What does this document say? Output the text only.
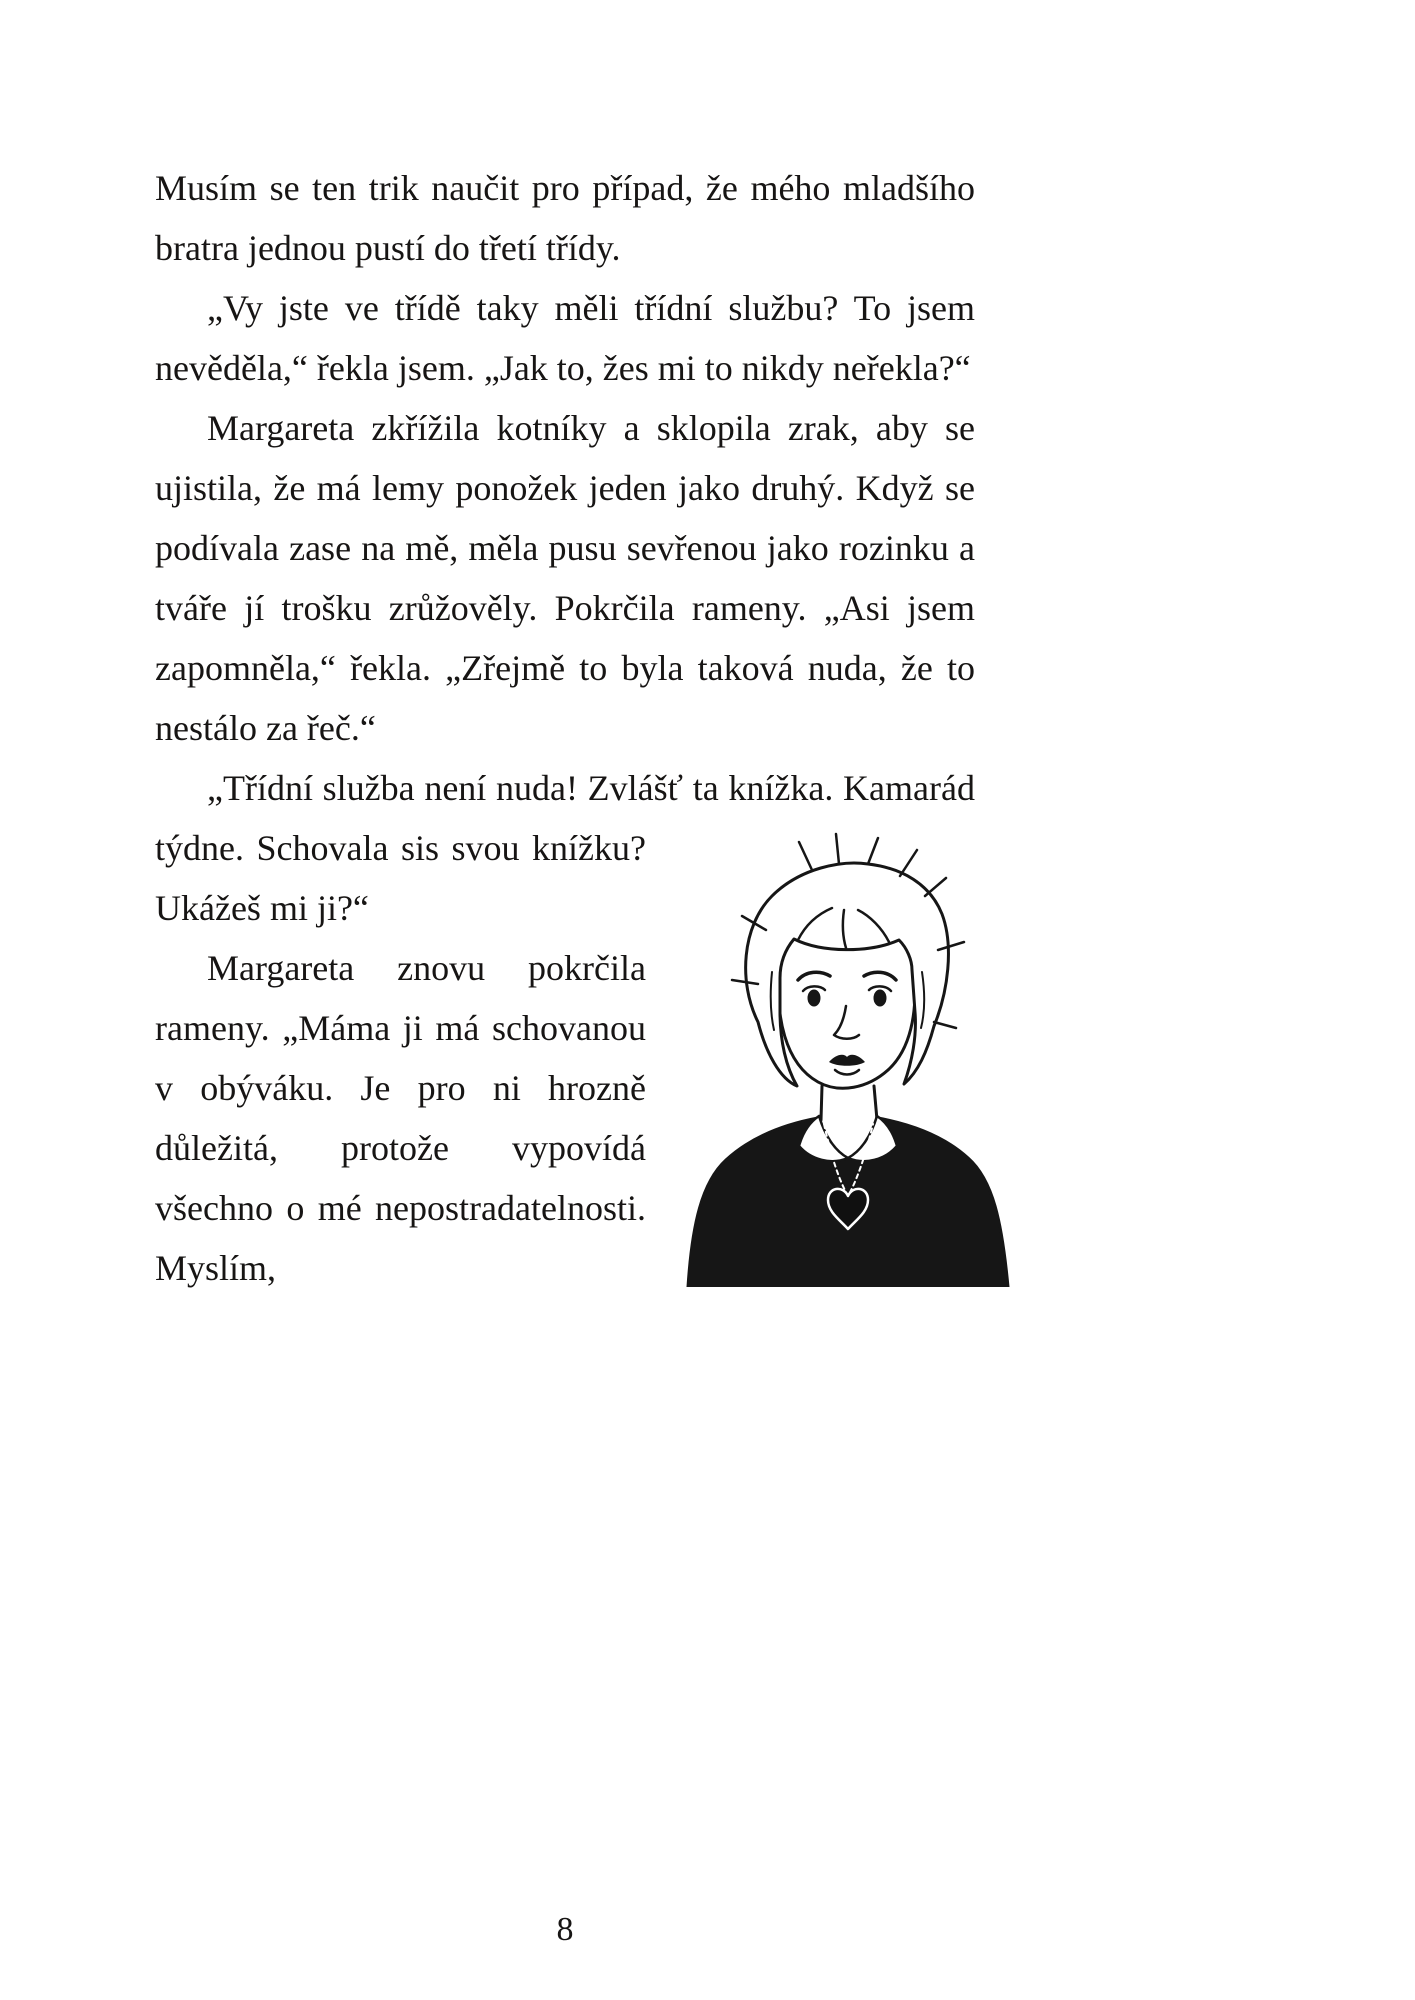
Musím se ten trik naučit pro případ, že mého mladšího bratra jednou pustí do třetí třídy.

„Vy jste ve třídě taky měli třídní službu? To jsem nevěděla,“ řekla jsem. „Jak to, žes mi to nikdy neřekla?“

Margareta zkřížila kotníky a sklopila zrak, aby se ujistila, že má lemy ponožek jeden jako druhý. Když se podívala zase na mě, měla pusu sevřenou jako rozinku a tváře jí trošku zrůžověly. Pokrčila rameny. „Asi jsem zapomněla,“ řekla. „Zřejmě to byla taková nuda, že to nestálo za řeč.“

„Třídní služba není nuda! Zvlášť ta knížka.
Kamarád týdne. Schovala sis svou knížku? Ukážeš mi ji?“

Margareta znovu pokrčila rameny. „Máma ji má schovanou v obýváku. Je pro ni hrozně důležitá, protože vypovídá všechno o mé nepostradatelnosti. Myslím,

8
